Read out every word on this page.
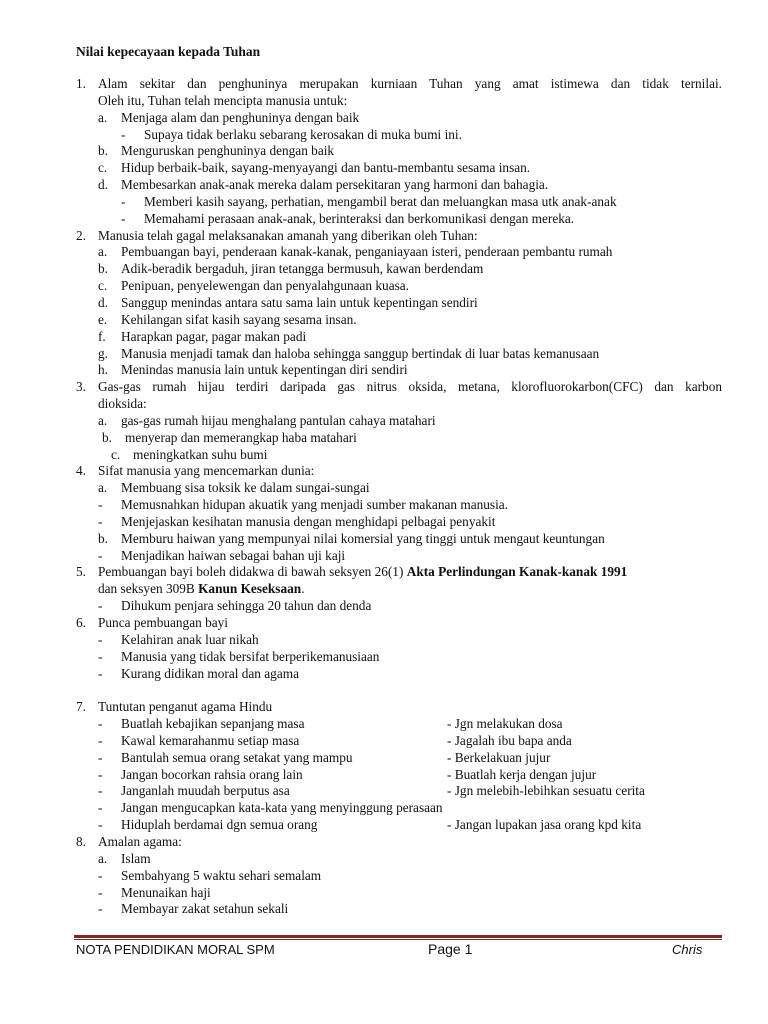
Nilai kepecayaan kepada Tuhan
1. Alam sekitar dan penghuninya merupakan kurniaan Tuhan yang amat istimewa dan tidak ternilai.
Oleh itu, Tuhan telah mencipta manusia untuk:
a. Menjaga alam dan penghuninya dengan baik
- Supaya tidak berlaku sebarang kerosakan di muka bumi ini.
b. Menguruskan penghuninya dengan baik
c. Hidup berbaik-baik, sayang-menyayangi dan bantu-membantu sesama insan.
d. Membesarkan anak-anak mereka dalam persekitaran yang harmoni dan bahagia.
- Memberi kasih sayang, perhatian, mengambil berat dan meluangkan masa utk anak-anak
- Memahami perasaan anak-anak, berinteraksi dan berkomunikasi dengan mereka.
2. Manusia telah gagal melaksanakan amanah yang diberikan oleh Tuhan:
a. Pembuangan bayi, penderaan kanak-kanak, penganiayaan isteri, penderaan pembantu rumah
b. Adik-beradik bergaduh, jiran tetangga bermusuh, kawan berdendam
c. Penipuan, penyelewengan dan penyalahgunaan kuasa.
d. Sanggup menindas antara satu sama lain untuk kepentingan sendiri
e. Kehilangan sifat kasih sayang sesama insan.
f. Harapkan pagar, pagar makan padi
g. Manusia menjadi tamak dan haloba sehingga sanggup bertindak di luar batas kemanusaan
h. Menindas manusia lain untuk kepentingan diri sendiri
3. Gas-gas rumah hijau terdiri daripada gas nitrus oksida, metana, klorofluorokarbon(CFC) dan karbon
dioksida:
a. gas-gas rumah hijau menghalang pantulan cahaya matahari
b. menyerap dan memerangkap haba matahari
c. meningkatkan suhu bumi
4. Sifat manusia yang mencemarkan dunia:
a. Membuang sisa toksik ke dalam sungai-sungai
- Memusnahkan hidupan akuatik yang menjadi sumber makanan manusia.
- Menjejaskan kesihatan manusia dengan menghidapi pelbagai penyakit
b. Memburu haiwan yang mempunyai nilai komersial yang tinggi untuk mengaut keuntungan
- Menjadikan haiwan sebagai bahan uji kaji
5. Pembuangan bayi boleh didakwa di bawah seksyen 26(1) Akta Perlindungan Kanak-kanak 1991
dan seksyen 309B Kanun Keseksaan.
- Dihukum penjara sehingga 20 tahun dan denda
6. Punca pembuangan bayi
- Kelahiran anak luar nikah
- Manusia yang tidak bersifat berperikemanusiaan
- Kurang didikan moral dan agama
7. Tuntutan penganut agama Hindu
- Buatlah kebajikan sepanjang masa	- Jgn melakukan dosa
- Kawal kemarahanmu setiap masa	- Jagalah ibu bapa anda
- Bantulah semua orang setakat yang mampu	- Berkelakuan jujur
- Jangan bocorkan rahsia orang lain	- Buatlah kerja dengan jujur
- Janganlah muudah berputus asa	- Jgn melebih-lebihkan sesuatu cerita
- Jangan mengucapkan kata-kata yang menyinggung perasaan
- Hiduplah berdamai dgn semua orang	- Jangan lupakan jasa orang kpd kita
8. Amalan agama:
a. Islam
- Sembahyang 5 waktu sehari semalam
- Menunaikan haji
- Membayar zakat setahun sekali
NOTA PENDIDIKAN MORAL SPM	Page 1	Chris
